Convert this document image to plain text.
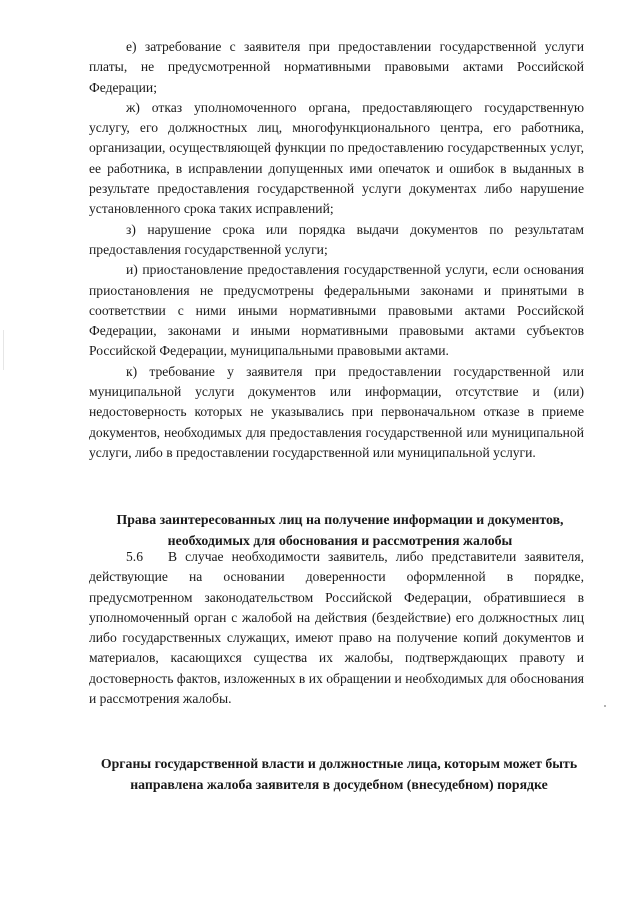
е) затребование с заявителя при предоставлении государственной услуги платы, не предусмотренной нормативными правовыми актами Российской Федерации;

ж) отказ уполномоченного органа, предоставляющего государственную услугу, его должностных лиц, многофункционального центра, его работника, организации, осуществляющей функции по предоставлению государственных услуг, ее работника, в исправлении допущенных ими опечаток и ошибок в выданных в результате предоставления государственной услуги документах либо нарушение установленного срока таких исправлений;

з) нарушение срока или порядка выдачи документов по результатам предоставления государственной услуги;

и) приостановление предоставления государственной услуги, если основания приостановления не предусмотрены федеральными законами и принятыми в соответствии с ними иными нормативными правовыми актами Российской Федерации, законами и иными нормативными правовыми актами субъектов Российской Федерации, муниципальными правовыми актами.

к) требование у заявителя при предоставлении государственной или муниципальной услуги документов или информации, отсутствие и (или) недостоверность которых не указывались при первоначальном отказе в приеме документов, необходимых для предоставления государственной или муниципальной услуги, либо в предоставлении государственной или муниципальной услуги.

Права заинтересованных лиц на получение информации и документов, необходимых для обоснования и рассмотрения жалобы

5.6 В случае необходимости заявитель, либо представители заявителя, действующие на основании доверенности оформленной в порядке, предусмотренном законодательством Российской Федерации, обратившиеся в уполномоченный орган с жалобой на действия (бездействие) его должностных лиц либо государственных служащих, имеют право на получение копий документов и материалов, касающихся существа их жалобы, подтверждающих правоту и достоверность фактов, изложенных в их обращении и необходимых для обоснования и рассмотрения жалобы.

Органы государственной власти и должностные лица, которым может быть направлена жалоба заявителя в досудебном (внесудебном) порядке
